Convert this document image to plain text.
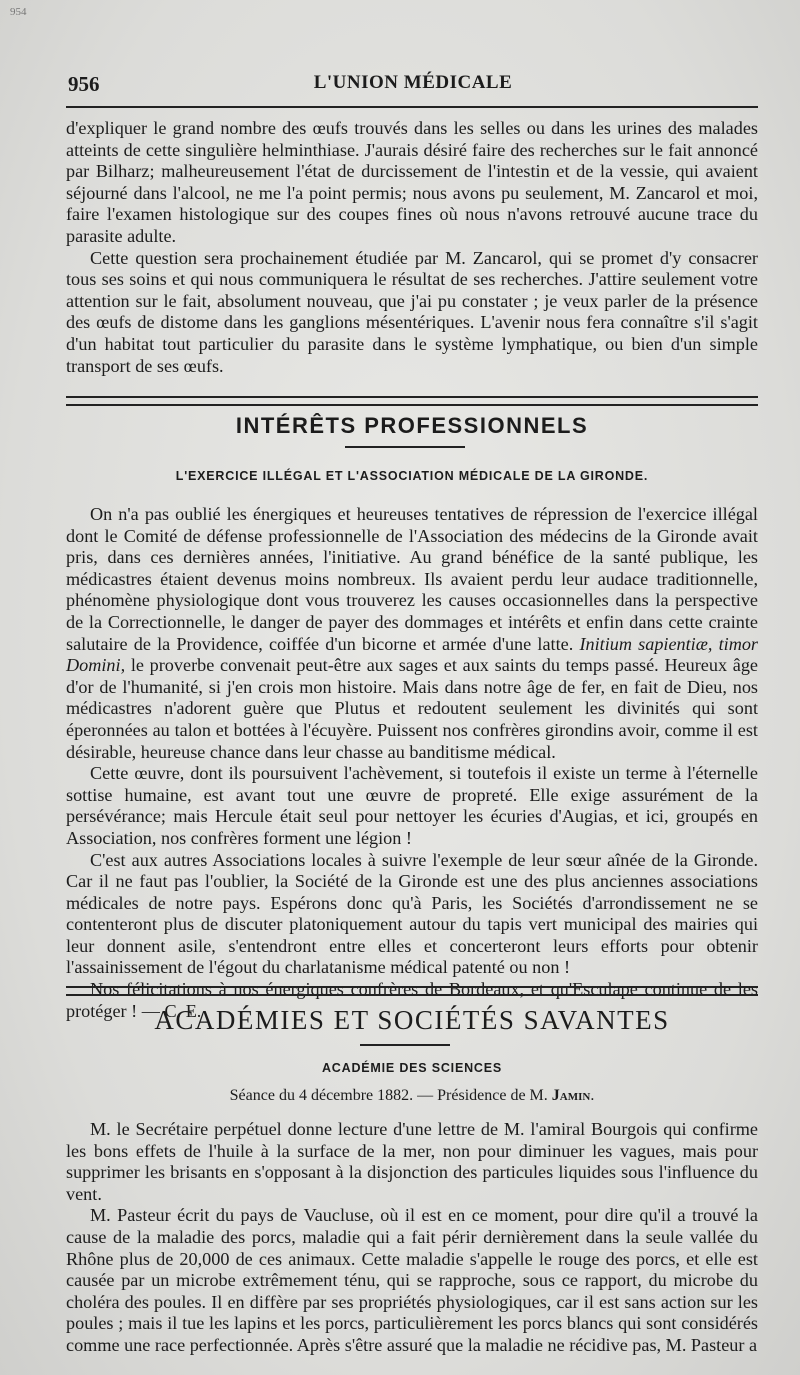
954
956	L'UNION MÉDICALE

d'expliquer le grand nombre des œufs trouvés dans les selles ou dans les urines des malades atteints de cette singulière helminthiase. J'aurais désiré faire des recherches sur le fait annoncé par Bilharz; malheureusement l'état de durcissement de l'intestin et de la vessie, qui avaient séjourné dans l'alcool, ne me l'a point permis; nous avons pu seulement, M. Zancarol et moi, faire l'examen histologique sur des coupes fines où nous n'avons retrouvé aucune trace du parasite adulte.

Cette question sera prochainement étudiée par M. Zancarol, qui se promet d'y consacrer tous ses soins et qui nous communiquera le résultat de ses recherches. J'attire seulement votre attention sur le fait, absolument nouveau, que j'ai pu constater ; je veux parler de la présence des œufs de distome dans les ganglions mésentériques. L'avenir nous fera connaître s'il s'agit d'un habitat tout particulier du parasite dans le système lymphatique, ou bien d'un simple transport de ses œufs.

INTÉRÊTS PROFESSIONNELS
L'EXERCICE ILLÉGAL ET L'ASSOCIATION MÉDICALE DE LA GIRONDE.

On n'a pas oublié les énergiques et heureuses tentatives de répression de l'exercice illégal dont le Comité de défense professionnelle de l'Association des médecins de la Gironde avait pris, dans ces dernières années, l'initiative. Au grand bénéfice de la santé publique, les médicastres étaient devenus moins nombreux. Ils avaient perdu leur audace traditionnelle, phénomène physiologique dont vous trouverez les causes occasionnelles dans la perspective de la Correctionnelle, le danger de payer des dommages et intérêts et enfin dans cette crainte salutaire de la Providence, coiffée d'un bicorne et armée d'une latte. Initium sapientiæ, timor Domini, le proverbe convenait peut-être aux sages et aux saints du temps passé. Heureux âge d'or de l'humanité, si j'en crois mon histoire. Mais dans notre âge de fer, en fait de Dieu, nos médicastres n'adorent guère que Plutus et redoutent seulement les divinités qui sont éperonnées au talon et bottées à l'écuyère. Puissent nos confrères girondins avoir, comme il est désirable, heureuse chance dans leur chasse au banditisme médical.

Cette œuvre, dont ils poursuivent l'achèvement, si toutefois il existe un terme à l'éternelle sottise humaine, est avant tout une œuvre de propreté. Elle exige assurément de la persévérance; mais Hercule était seul pour nettoyer les écuries d'Augias, et ici, groupés en Association, nos confrères forment une légion !

C'est aux autres Associations locales à suivre l'exemple de leur sœur aînée de la Gironde. Car il ne faut pas l'oublier, la Société de la Gironde est une des plus anciennes associations médicales de notre pays. Espérons donc qu'à Paris, les Sociétés d'arrondissement ne se contenteront plus de discuter platoniquement autour du tapis vert municipal des mairies qui leur donnent asile, s'entendront entre elles et concerteront leurs efforts pour obtenir l'assainissement de l'égout du charlatanisme médical patenté ou non !

Nos félicitations à nos énergiques confrères de Bordeaux, et qu'Esculape continue de les protéger ! — C. E.

ACADÉMIES ET SOCIÉTÉS SAVANTES
ACADÉMIE DES SCIENCES
Séance du 4 décembre 1882. — Présidence de M. Jamin.

M. le Secrétaire perpétuel donne lecture d'une lettre de M. l'amiral Bourgois qui confirme les bons effets de l'huile à la surface de la mer, non pour diminuer les vagues, mais pour supprimer les brisants en s'opposant à la disjonction des particules liquides sous l'influence du vent.

M. Pasteur écrit du pays de Vaucluse, où il est en ce moment, pour dire qu'il a trouvé la cause de la maladie des porcs, maladie qui a fait périr dernièrement dans la seule vallée du Rhône plus de 20,000 de ces animaux. Cette maladie s'appelle le rouge des porcs, et elle est causée par un microbe extrêmement ténu, qui se rapproche, sous ce rapport, du microbe du choléra des poules. Il en diffère par ses propriétés physiologiques, car il est sans action sur les poules ; mais il tue les lapins et les porcs, particulièrement les porcs blancs qui sont considérés comme une race perfectionnée. Après s'être assuré que la maladie ne récidive pas, M. Pasteur a
